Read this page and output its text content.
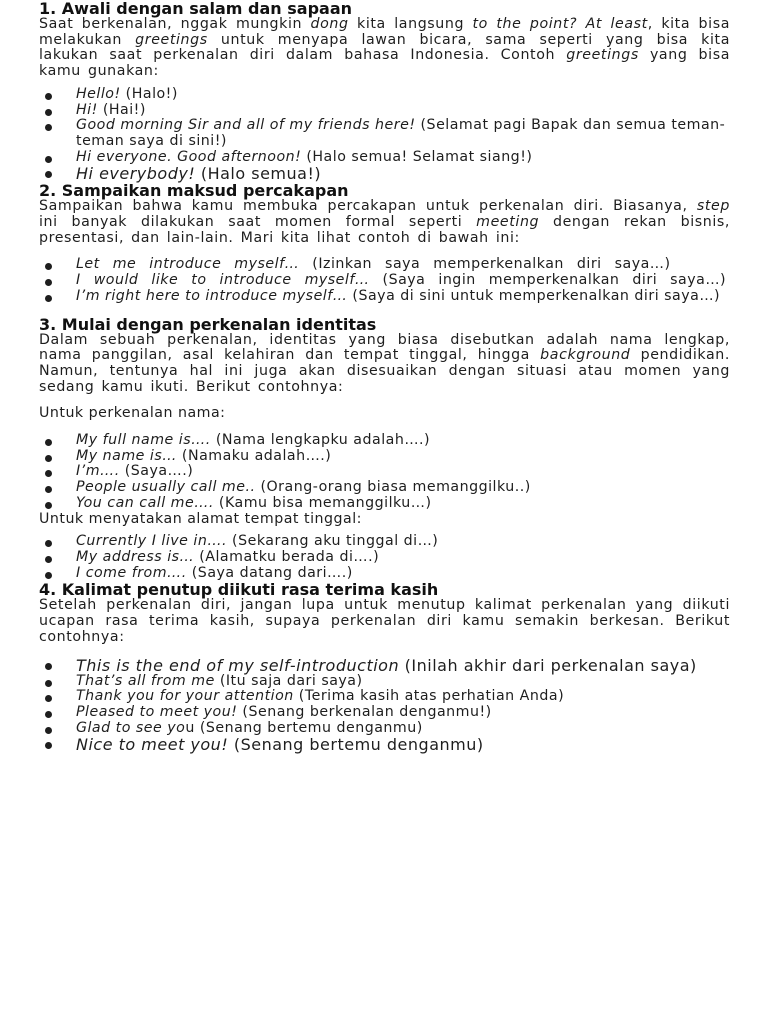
1. Awali dengan salam dan sapaan

Saat berkenalan, nggak mungkin dong kita langsung to the point? At least, kita bisa melakukan greetings untuk menyapa lawan bicara, sama seperti yang bisa kita lakukan saat perkenalan diri dalam bahasa Indonesia. Contoh greetings yang bisa kamu gunakan:

Hello! (Halo!)
Hi! (Hai!)
Good morning Sir and all of my friends here! (Selamat pagi Bapak dan semua teman-teman saya di sini!)
Hi everyone. Good afternoon! (Halo semua! Selamat siang!)
Hi everybody! (Halo semua!)
2. Sampaikan maksud percakapan

Sampaikan bahwa kamu membuka percakapan untuk perkenalan diri. Biasanya, step ini banyak dilakukan saat momen formal seperti meeting dengan rekan bisnis, presentasi, dan lain-lain. Mari kita lihat contoh di bawah ini:

Let me introduce myself… (Izinkan saya memperkenalkan diri saya…)
I would like to introduce myself… (Saya ingin memperkenalkan diri saya…)
I’m right here to introduce myself… (Saya di sini untuk memperkenalkan diri saya…)
3. Mulai dengan perkenalan identitas

Dalam sebuah perkenalan, identitas yang biasa disebutkan adalah nama lengkap, nama panggilan, asal kelahiran dan tempat tinggal, hingga background pendidikan. Namun, tentunya hal ini juga akan disesuaikan dengan situasi atau momen yang sedang kamu ikuti. Berikut contohnya:

Untuk perkenalan nama:

My full name is…. (Nama lengkapku adalah….)
My name is… (Namaku adalah….)
I’m…. (Saya….)
People usually call me.. (Orang-orang biasa memanggilku..)
You can call me…. (Kamu bisa memanggilku…)

Untuk menyatakan alamat tempat tinggal:

Currently I live in…. (Sekarang aku tinggal di…)
My address is… (Alamatku berada di….)
I come from…. (Saya datang dari….)
4. Kalimat penutup diikuti rasa terima kasih

Setelah perkenalan diri, jangan lupa untuk menutup kalimat perkenalan yang diikuti ucapan rasa terima kasih, supaya perkenalan diri kamu semakin berkesan. Berikut contohnya:

This is the end of my self-introduction (Inilah akhir dari perkenalan saya)
That’s all from me (Itu saja dari saya)
Thank you for your attention (Terima kasih atas perhatian Anda)
Pleased to meet you! (Senang berkenalan denganmu!)
Glad to see you (Senang bertemu denganmu)
Nice to meet you! (Senang bertemu denganmu)
